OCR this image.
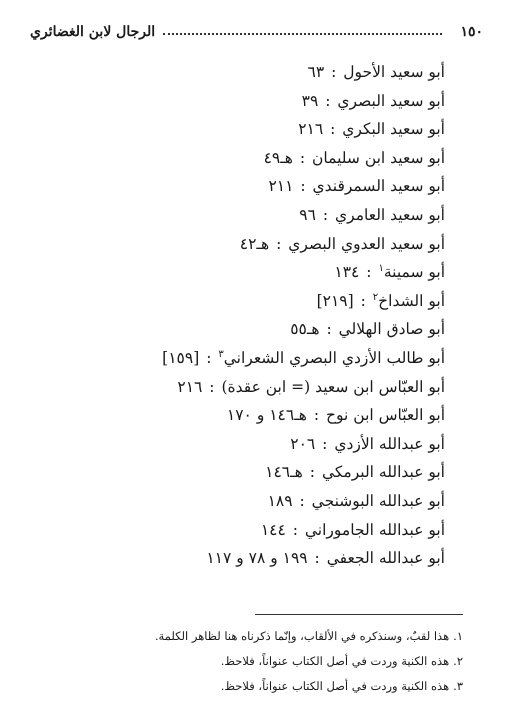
١٥٠
الرجال لابن الغضائري
أبو سعيد الأحول : ٦٣
أبو سعيد البصري : ٣٩
أبو سعيد البكري : ٢١٦
أبو سعيد ابن سليمان : هـ٤٩
أبو سعيد السمرقندي : ٢١١
أبو سعيد العامري : ٩٦
أبو سعيد العدوي البصري : هـ٤٢
أبو سمينة$^١$ : ١٣٤
أبو الشداخ$^٢$ : [٢١٩]
أبو صادق الهلالي : هـ٥٥
أبو طالب الأزدي البصري الشعراني$^٣$ : [١٥٩]
أبو العبّاس ابن سعيد (= ابن عقدة) : ٢١٦
أبو العبّاس ابن نوح : هـ١٤٦ و ١٧٠
أبو عبدالله الأزدي : ٢٠٦
أبو عبدالله البرمكي : هـ١٤٦
أبو عبدالله البوشنجي : ١٨٩
أبو عبدالله الجاموراني : ١٤٤
أبو عبدالله الجعفي : ١٩٩ و ٧٨ و ١١٧
١.هذا لقبٌ، وسنذكره في الألقاب، وإنّما ذكرناه هنا لظاهر الكلمة.
٢.هذه الكنية وردت في أصل الكتاب عنواناً، فلاحظ.
٣.هذه الكنية وردت في أصل الكتاب عنواناً، فلاحظ.
